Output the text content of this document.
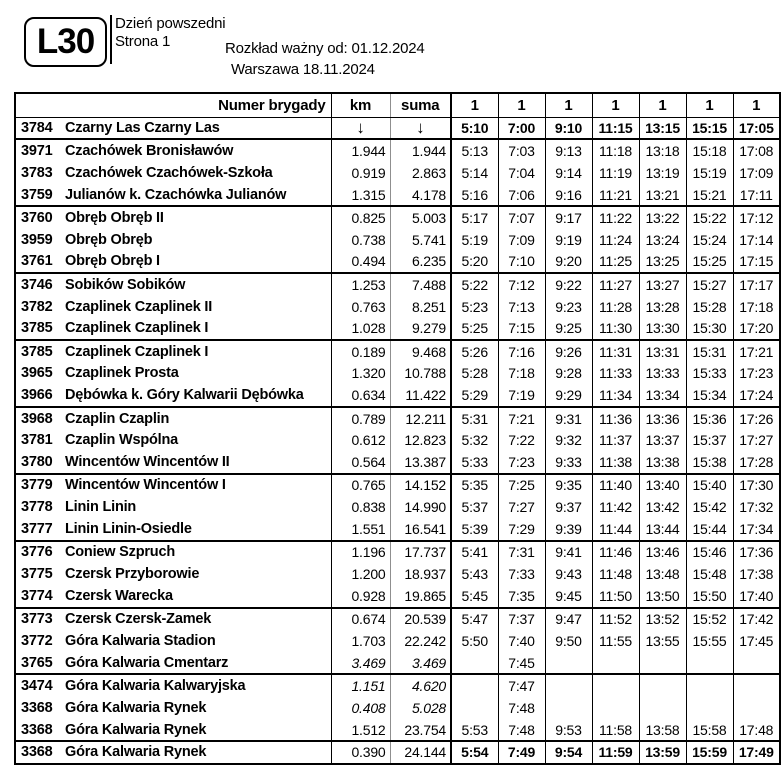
L30 Dzień powszedni
Strona 1	Rozkład ważny od: 01.12.2024
Warszawa 18.11.2024
Numer brygady	km	suma	1	1	1	1	1	1	1
3784 Czarny Las Czarny Las	↓	↓	5:10	7:00	9:10	11:15	13:15	15:15	17:05
3971 Czachówek Bronisławów	1.944	1.944	5:13	7:03	9:13	11:18	13:18	15:18	17:08
3783 Czachówek Czachówek-Szkoła	0.919	2.863	5:14	7:04	9:14	11:19	13:19	15:19	17:09
3759 Julianów k. Czachówka Julianów	1.315	4.178	5:16	7:06	9:16	11:21	13:21	15:21	17:11
3760 Obręb Obręb II	0.825	5.003	5:17	7:07	9:17	11:22	13:22	15:22	17:12
3959 Obręb Obręb	0.738	5.741	5:19	7:09	9:19	11:24	13:24	15:24	17:14
3761 Obręb Obręb I	0.494	6.235	5:20	7:10	9:20	11:25	13:25	15:25	17:15
3746 Sobików Sobików	1.253	7.488	5:22	7:12	9:22	11:27	13:27	15:27	17:17
3782 Czaplinek Czaplinek II	0.763	8.251	5:23	7:13	9:23	11:28	13:28	15:28	17:18
3785 Czaplinek Czaplinek I	1.028	9.279	5:25	7:15	9:25	11:30	13:30	15:30	17:20
3785 Czaplinek Czaplinek I	0.189	9.468	5:26	7:16	9:26	11:31	13:31	15:31	17:21
3965 Czaplinek Prosta	1.320	10.788	5:28	7:18	9:28	11:33	13:33	15:33	17:23
3966 Dębówka k. Góry Kalwarii Dębówka	0.634	11.422	5:29	7:19	9:29	11:34	13:34	15:34	17:24
3968 Czaplin Czaplin	0.789	12.211	5:31	7:21	9:31	11:36	13:36	15:36	17:26
3781 Czaplin Wspólna	0.612	12.823	5:32	7:22	9:32	11:37	13:37	15:37	17:27
3780 Wincentów Wincentów II	0.564	13.387	5:33	7:23	9:33	11:38	13:38	15:38	17:28
3779 Wincentów Wincentów I	0.765	14.152	5:35	7:25	9:35	11:40	13:40	15:40	17:30
3778 Linin Linin	0.838	14.990	5:37	7:27	9:37	11:42	13:42	15:42	17:32
3777 Linin Linin-Osiedle	1.551	16.541	5:39	7:29	9:39	11:44	13:44	15:44	17:34
3776 Coniew Szpruch	1.196	17.737	5:41	7:31	9:41	11:46	13:46	15:46	17:36
3775 Czersk Przyborowie	1.200	18.937	5:43	7:33	9:43	11:48	13:48	15:48	17:38
3774 Czersk Warecka	0.928	19.865	5:45	7:35	9:45	11:50	13:50	15:50	17:40
3773 Czersk Czersk-Zamek	0.674	20.539	5:47	7:37	9:47	11:52	13:52	15:52	17:42
3772 Góra Kalwaria Stadion	1.703	22.242	5:50	7:40	9:50	11:55	13:55	15:55	17:45
3765 Góra Kalwaria Cmentarz	3.469	3.469		7:45					
3474 Góra Kalwaria Kalwaryjska	1.151	4.620		7:47					
3368 Góra Kalwaria Rynek	0.408	5.028		7:48					
3368 Góra Kalwaria Rynek	1.512	23.754	5:53	7:48	9:53	11:58	13:58	15:58	17:48
3368 Góra Kalwaria Rynek	0.390	24.144	5:54	7:49	9:54	11:59	13:59	15:59	17:49
